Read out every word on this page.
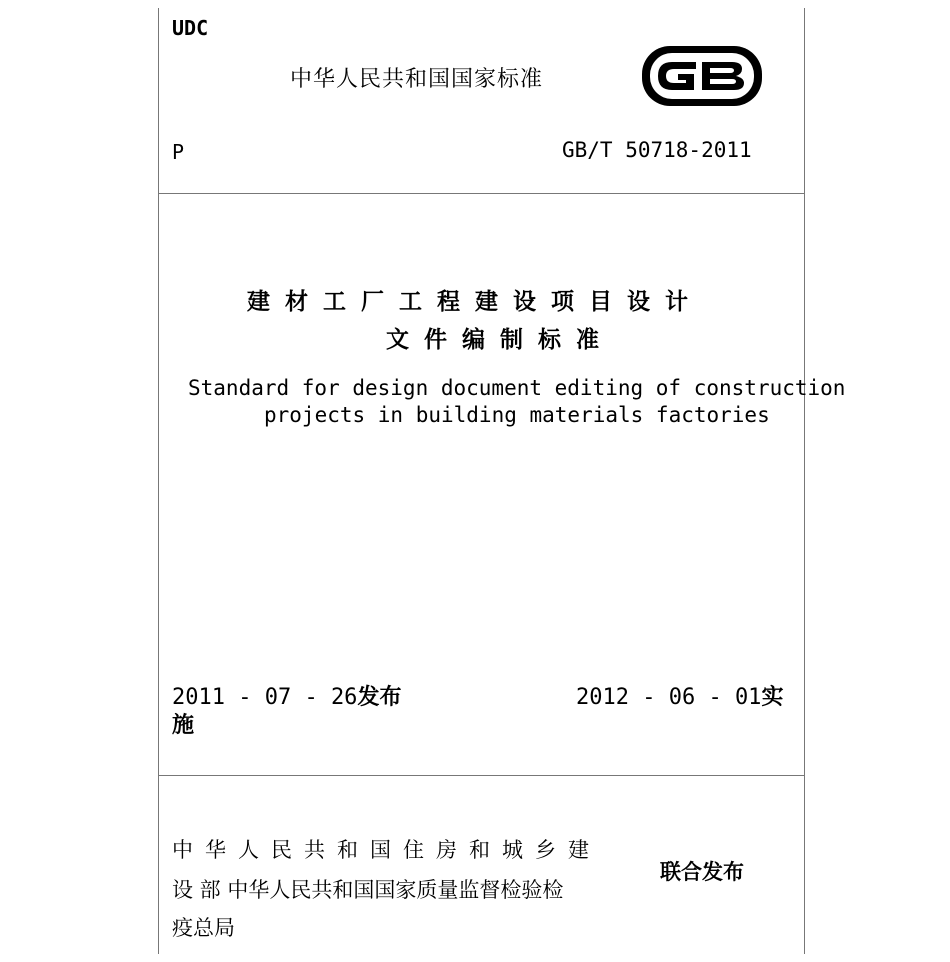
UDC
中华人民共和国国家标准
P	GB/T 50718-2011
建材工厂工程建设项目设计
文件编制标准
Standard for design document editing of construction
projects in building materials factories
2011 - 07 - 26发布	2012 - 06 - 01实
施
中华人民共和国住房和城乡建
设 部 中华人民共和国国家质量监督检验检
疫总局
联合发布
